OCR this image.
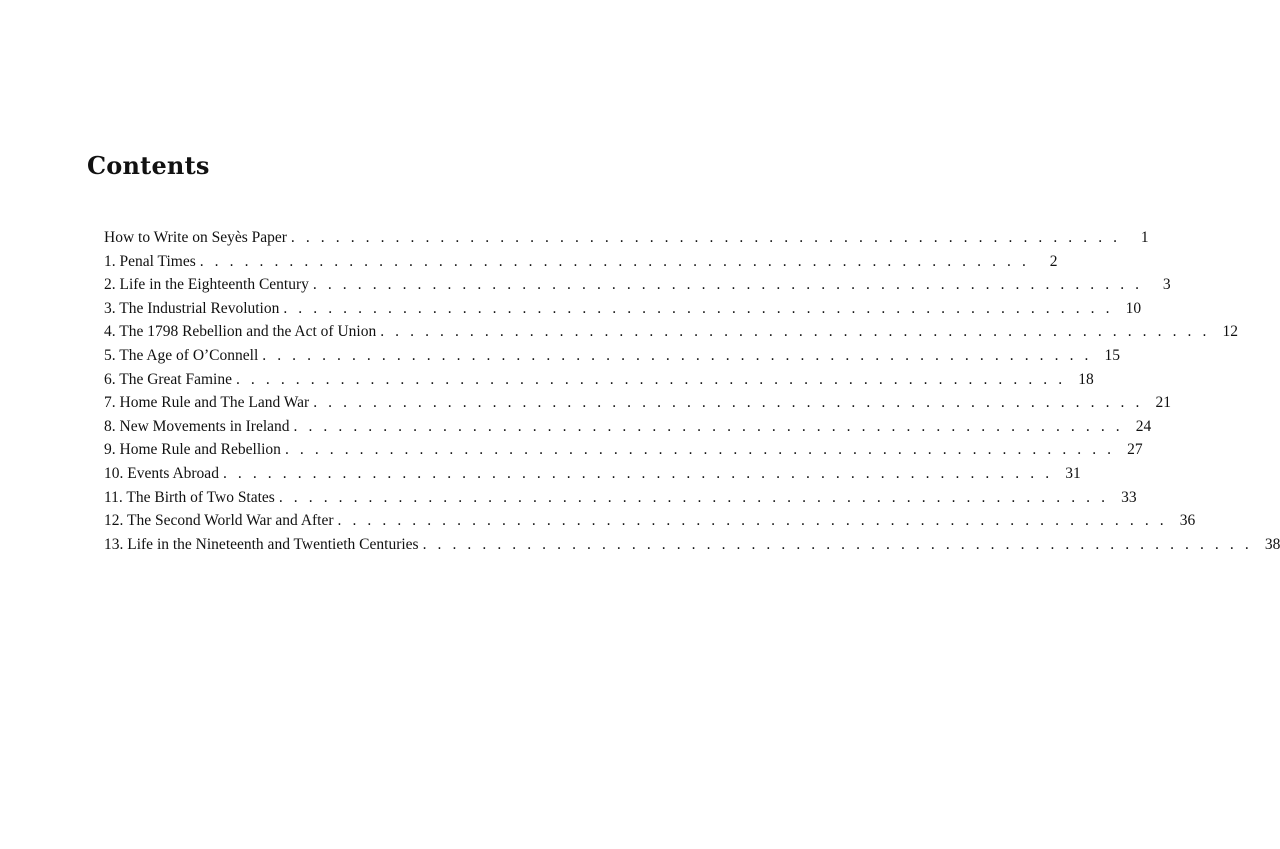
Contents
How to Write on Seyès Paper . . . . . . . . . . . . . . . . . . . . . . . . . . . . . . . . . . . . . . . . . . . . . . . . . . . . . . . .	1
1. Penal Times . . . . . . . . . . . . . . . . . . . . . . . . . . . . . . . . . . . . . . . . . . . . . . . . . . . . . . . .	2
2. Life in the Eighteenth Century . . . . . . . . . . . . . . . . . . . . . . . . . . . . . . . . . . . . . . . . . . . . . . . . . . . . . . . .	3
3. The Industrial Revolution . . . . . . . . . . . . . . . . . . . . . . . . . . . . . . . . . . . . . . . . . . . . . . . . . . . . . . . . 10
4. The 1798 Rebellion and the Act of Union . . . . . . . . . . . . . . . . . . . . . . . . . . . . . . . . . . . . . . . . . . . . . . . . . . . . . . . . 12
5. The Age of O’Connell . . . . . . . . . . . . . . . . . . . . . . . . . . . . . . . . . . . . . . . . . . . . . . . . . . . . . . . . 15
6. The Great Famine . . . . . . . . . . . . . . . . . . . . . . . . . . . . . . . . . . . . . . . . . . . . . . . . . . . . . . . . 18
7. Home Rule and The Land War . . . . . . . . . . . . . . . . . . . . . . . . . . . . . . . . . . . . . . . . . . . . . . . . . . . . . . . . 21
8. New Movements in Ireland . . . . . . . . . . . . . . . . . . . . . . . . . . . . . . . . . . . . . . . . . . . . . . . . . . . . . . . . 24
9. Home Rule and Rebellion . . . . . . . . . . . . . . . . . . . . . . . . . . . . . . . . . . . . . . . . . . . . . . . . . . . . . . . . 27
10. Events Abroad . . . . . . . . . . . . . . . . . . . . . . . . . . . . . . . . . . . . . . . . . . . . . . . . . . . . . . . . 31
11. The Birth of Two States . . . . . . . . . . . . . . . . . . . . . . . . . . . . . . . . . . . . . . . . . . . . . . . . . . . . . . . . 33
12. The Second World War and After . . . . . . . . . . . . . . . . . . . . . . . . . . . . . . . . . . . . . . . . . . . . . . . . . . . . . . . . 36
13. Life in the Nineteenth and Twentieth Centuries . . . . . . . . . . . . . . . . . . . . . . . . . . . . . . . . . . . . . . . . . . . . . . . . . . . . . . . . 38
